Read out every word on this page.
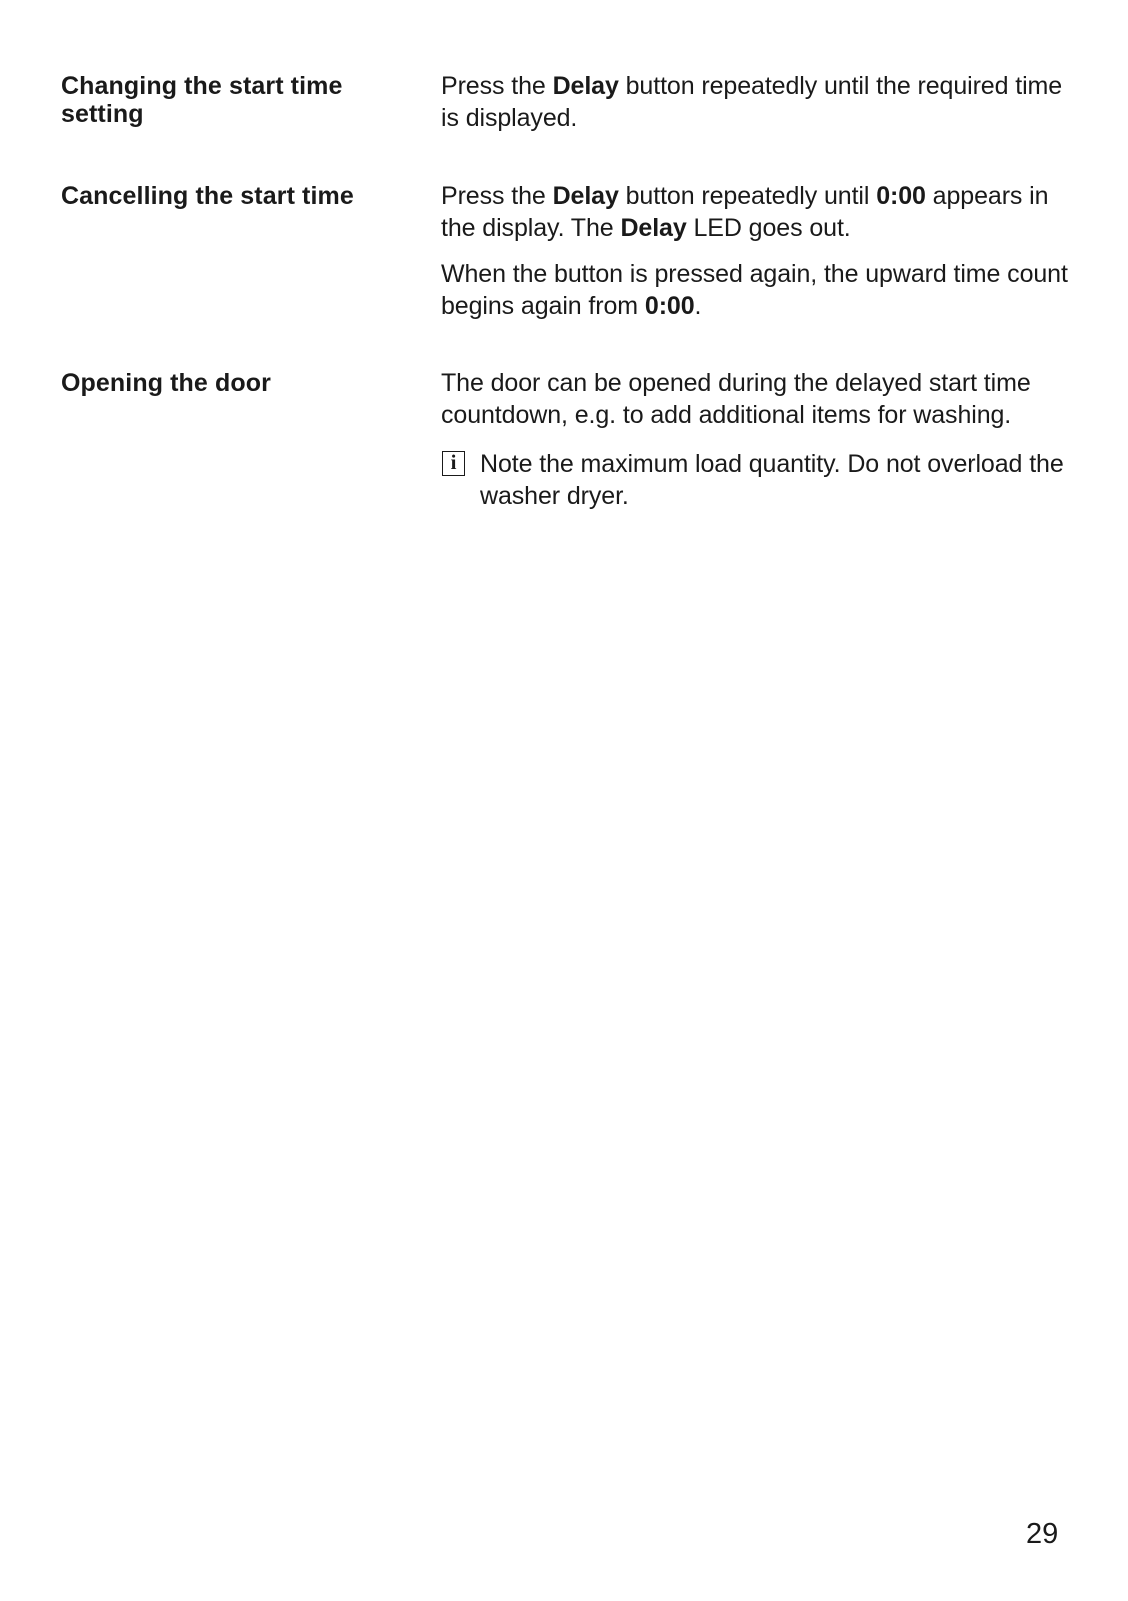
Changing the start time setting

Press the Delay button repeatedly until the required time is displayed.

Cancelling the start time	Press the Delay button repeatedly until 0:00 appears in the display. The Delay LED goes out.

When the button is pressed again, the upward time count begins again from 0:00.

Opening the door	The door can be opened during the delayed start time countdown, e.g. to add additional items for washing.

i Note the maximum load quantity. Do not overload the washer dryer.

29
